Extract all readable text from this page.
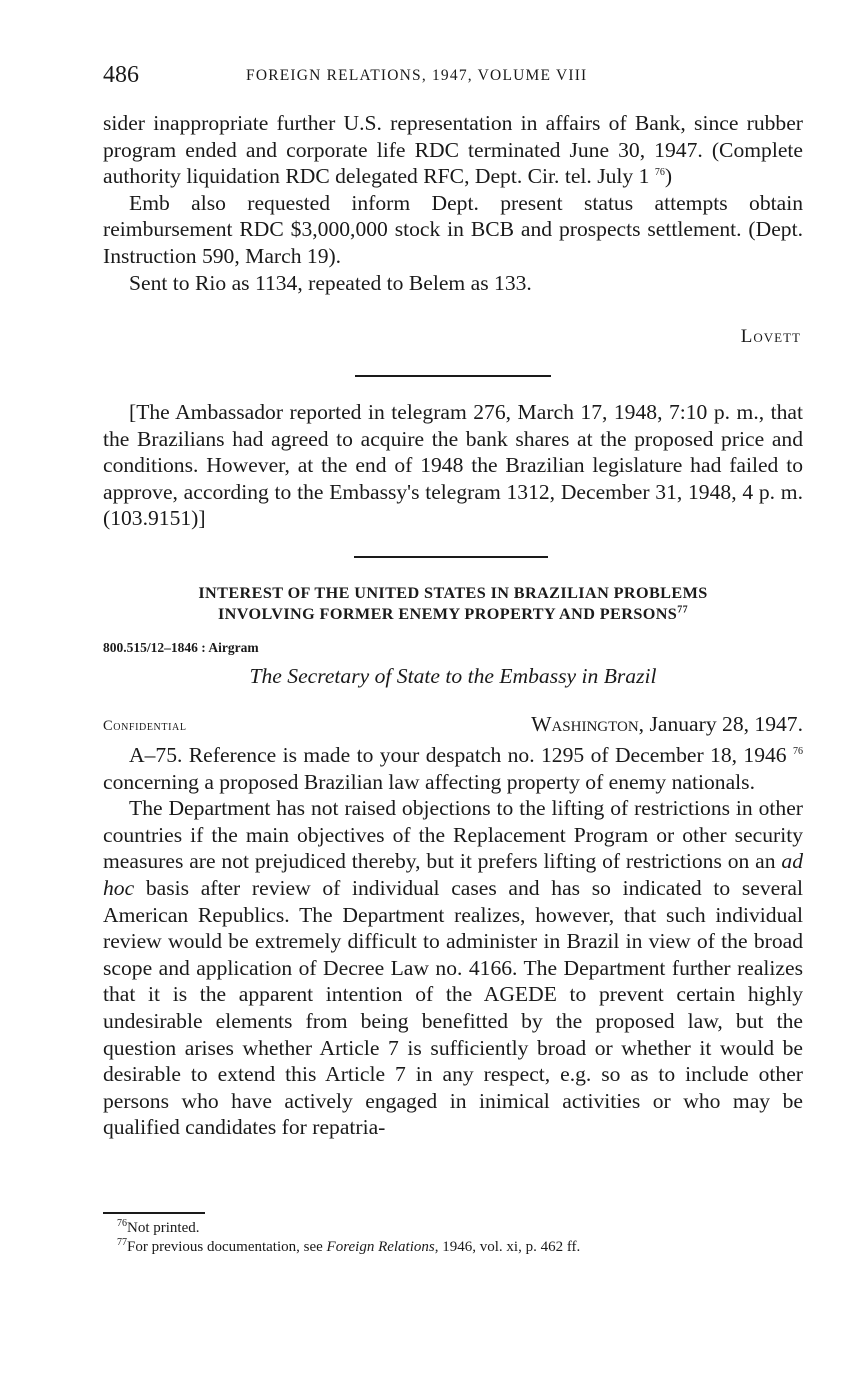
486	FOREIGN RELATIONS, 1947, VOLUME VIII

sider inappropriate further U.S. representation in affairs of Bank, since rubber program ended and corporate life RDC terminated June 30, 1947. (Complete authority liquidation RDC delegated RFC, Dept. Cir. tel. July 1 $^{76}$)

Emb also requested inform Dept. present status attempts obtain reimbursement RDC $3,000,000 stock in BCB and prospects settlement. (Dept. Instruction 590, March 19).

Sent to Rio as 1134, repeated to Belem as 133.

Lovett

[The Ambassador reported in telegram 276, March 17, 1948, 7:10 p. m., that the Brazilians had agreed to acquire the bank shares at the proposed price and conditions. However, at the end of 1948 the Brazilian legislature had failed to approve, according to the Embassy's telegram 1312, December 31, 1948, 4 p. m. (103.9151)]

INTEREST OF THE UNITED STATES IN BRAZILIAN PROBLEMS
INVOLVING FORMER ENEMY PROPERTY AND PERSONS$^{77}$
800.515/12–1846 : Airgram
The Secretary of State to the Embassy in Brazil
Confidential	Washington, January 28, 1947.

A–75. Reference is made to your despatch no. 1295 of December 18, 1946 $^{76}$ concerning a proposed Brazilian law affecting property of enemy nationals.

The Department has not raised objections to the lifting of restrictions in other countries if the main objectives of the Replacement Program or other security measures are not prejudiced thereby, but it prefers lifting of restrictions on an ad hoc basis after review of individual cases and has so indicated to several American Republics. The Department realizes, however, that such individual review would be extremely difficult to administer in Brazil in view of the broad scope and application of Decree Law no. 4166. The Department further realizes that it is the apparent intention of the AGEDE to prevent certain highly undesirable elements from being benefitted by the proposed law, but the question arises whether Article 7 is sufficiently broad or whether it would be desirable to extend this Article 7 in any respect, e.g. so as to include other persons who have actively engaged in inimical activities or who may be qualified candidates for repatria-

$^{76}$Not printed.

$^{77}$For previous documentation, see Foreign Relations, 1946, vol. xi, p. 462 ff.
